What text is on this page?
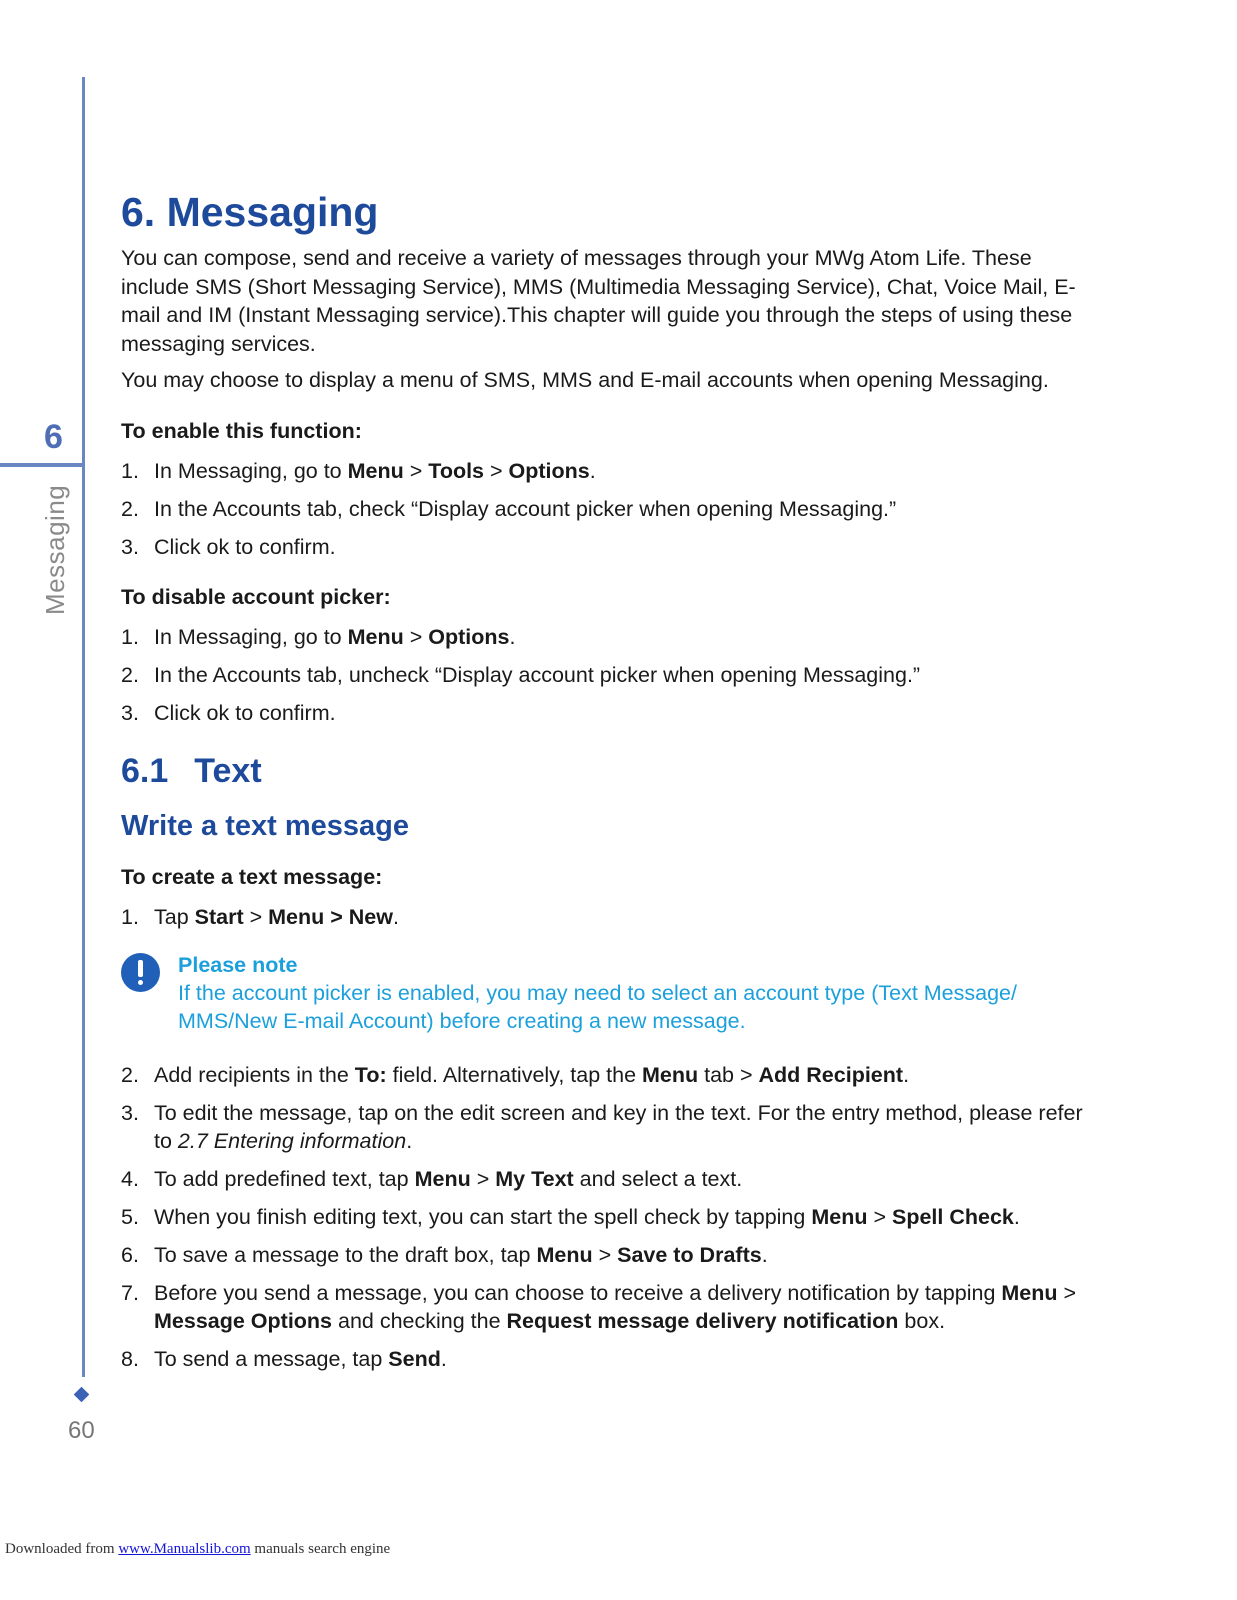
6
Messaging
60
6. Messaging

You can compose, send and receive a variety of messages through your MWg Atom Life. These include SMS (Short Messaging Service), MMS (Multimedia Messaging Service), Chat, Voice Mail, E-mail and IM (Instant Messaging service).This chapter will guide you through the steps of using these messaging services.

You may choose to display a menu of SMS, MMS and E-mail accounts when opening Messaging.

To enable this function:
1. In Messaging, go to Menu > Tools > Options.
2. In the Accounts tab, check “Display account picker when opening Messaging.”
3. Click ok to confirm.
To disable account picker:
1. In Messaging, go to Menu > Options.
2. In the Accounts tab, uncheck “Display account picker when opening Messaging.”
3. Click ok to confirm.
6.1 Text
Write a text message
To create a text message:
1. Tap Start > Menu > New.
Please note
If the account picker is enabled, you may need to select an account type (Text Message/ MMS/New E-mail Account) before creating a new message.
2. Add recipients in the To: field. Alternatively, tap the Menu tab > Add Recipient.
3. To edit the message, tap on the edit screen and key in the text. For the entry method, please refer to 2.7 Entering information.
4. To add predefined text, tap Menu > My Text and select a text.
5. When you finish editing text, you can start the spell check by tapping Menu > Spell Check.
6. To save a message to the draft box, tap Menu > Save to Drafts.
7. Before you send a message, you can choose to receive a delivery notification by tapping Menu > Message Options and checking the Request message delivery notification box.
8. To send a message, tap Send.
Downloaded from www.Manualslib.com manuals search engine
